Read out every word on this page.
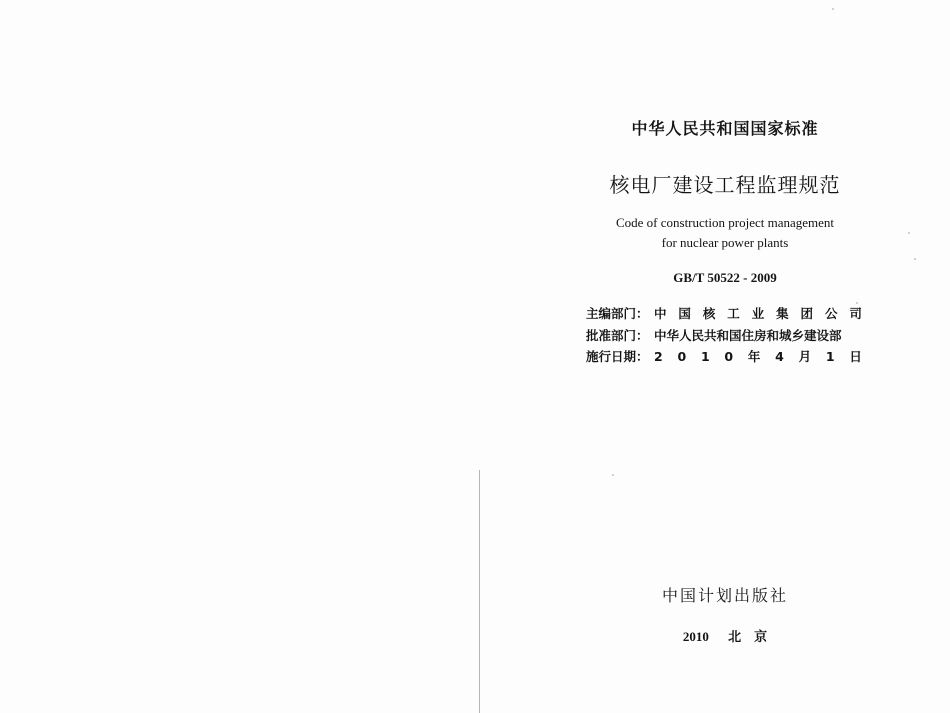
中华人民共和国国家标准

核电厂建设工程监理规范

Code of construction project management
for nuclear power plants

GB/T 50522 - 2009

主编部门： 中 国 核 工 业 集 团 公 司
批准部门： 中华人民共和国住房和城乡建设部
施行日期： 2 0 1 0 年 4 月 1 日

中国计划出版社

2010 北　京
